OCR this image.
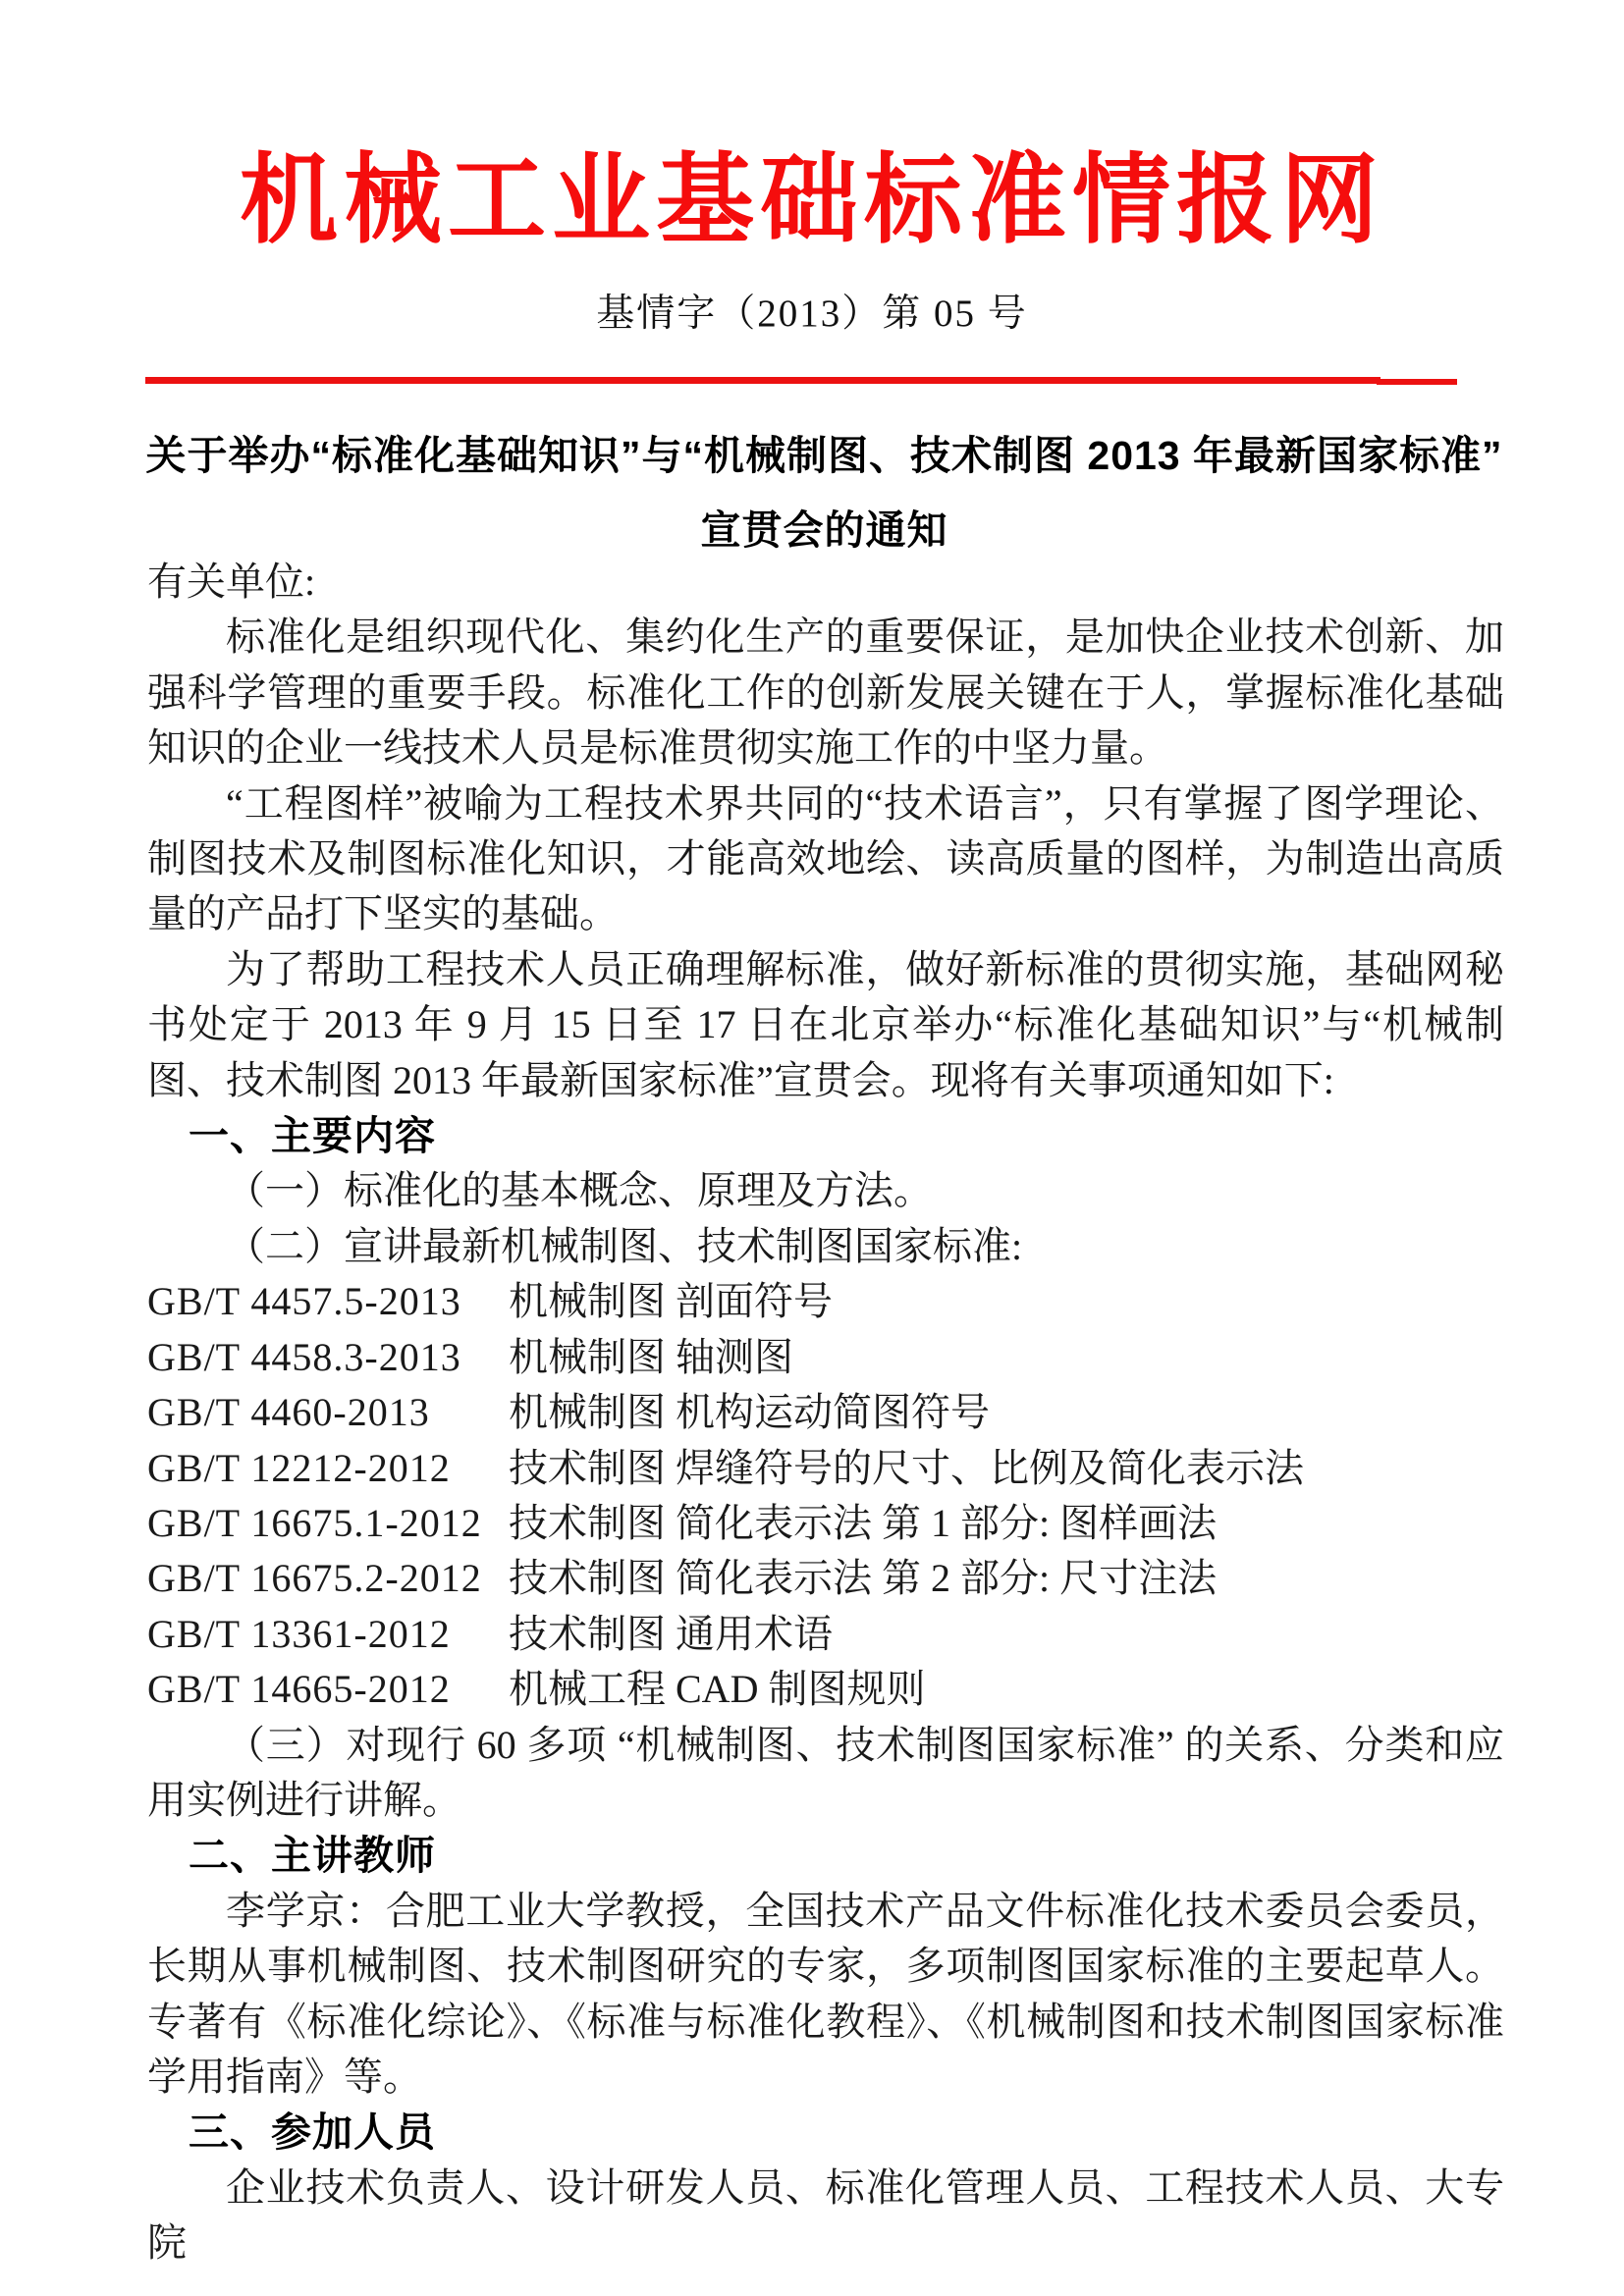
机械工业基础标准情报网
基情字（2013）第 05 号
关于举办“标准化基础知识”与“机械制图、技术制图 2013 年最新国家标准”
宣贯会的通知

有关单位:

标准化是组织现代化、集约化生产的重要保证，是加快企业技术创新、加强科学管理的重要手段。标准化工作的创新发展关键在于人，掌握标准化基础知识的企业一线技术人员是标准贯彻实施工作的中坚力量。

“工程图样”被喻为工程技术界共同的“技术语言”，只有掌握了图学理论、制图技术及制图标准化知识，才能高效地绘、读高质量的图样，为制造出高质量的产品打下坚实的基础。

为了帮助工程技术人员正确理解标准，做好新标准的贯彻实施，基础网秘书处定于 2013 年 9 月 15 日至 17 日在北京举办“标准化基础知识”与“机械制图、技术制图 2013 年最新国家标准”宣贯会。现将有关事项通知如下:

一、主要内容

（一）标准化的基本概念、原理及方法。

（二）宣讲最新机械制图、技术制图国家标准:

GB/T 4457.5-2013 机械制图 剖面符号
GB/T 4458.3-2013 机械制图 轴测图
GB/T 4460-2013 机械制图 机构运动简图符号
GB/T 12212-2012 技术制图 焊缝符号的尺寸、比例及简化表示法
GB/T 16675.1-2012 技术制图 简化表示法 第 1 部分: 图样画法
GB/T 16675.2-2012 技术制图 简化表示法 第 2 部分: 尺寸注法
GB/T 13361-2012 技术制图 通用术语
GB/T 14665-2012 机械工程 CAD 制图规则

（三）对现行 60 多项 “机械制图、技术制图国家标准” 的关系、分类和应用实例进行讲解。

二、主讲教师

李学京：合肥工业大学教授，全国技术产品文件标准化技术委员会委员，长期从事机械制图、技术制图研究的专家，多项制图国家标准的主要起草人。专著有《标准化综论》、《标准与标准化教程》、《机械制图和技术制图国家标准学用指南》等。

三、参加人员

企业技术负责人、设计研发人员、标准化管理人员、工程技术人员、大专院
